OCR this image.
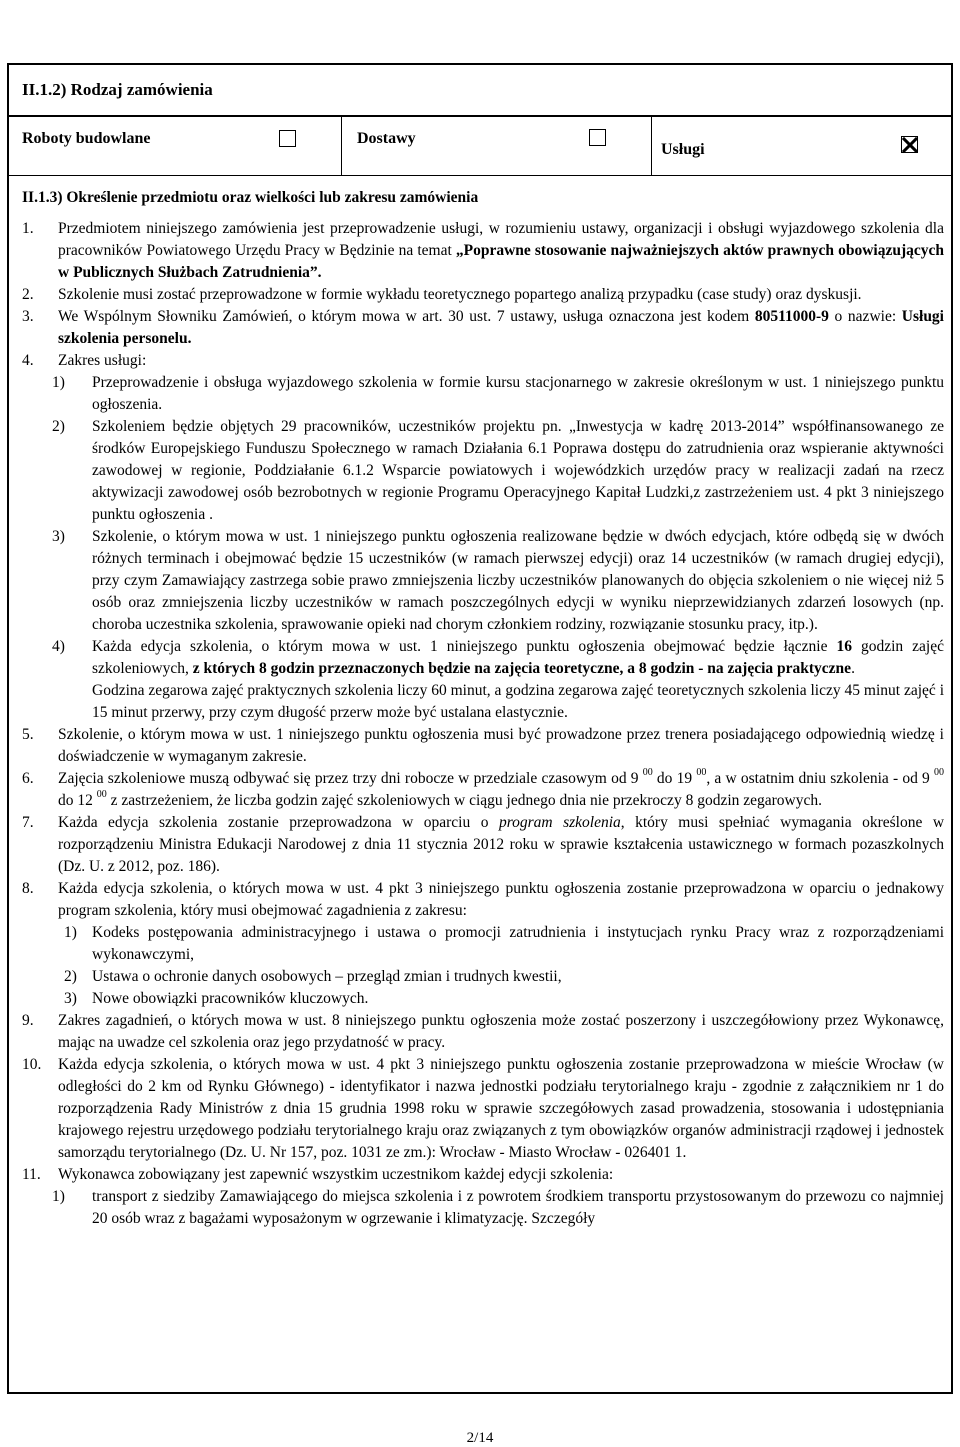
II.1.2) Rodzaj zamówienia
Roboty budowlane	Dostawy
Usługi
II.1.3) Określenie przedmiotu oraz wielkości lub zakresu zamówienia
1. Przedmiotem niniejszego zamówienia jest przeprowadzenie usługi, w rozumieniu ustawy, organizacji i obsługi wyjazdowego szkolenia dla pracowników Powiatowego Urzędu Pracy w Będzinie na temat „Poprawne stosowanie najważniejszych aktów prawnych obowiązujących w Publicznych Służbach Zatrudnienia”.
2. Szkolenie musi zostać przeprowadzone w formie wykładu teoretycznego popartego analizą przypadku (case study) oraz dyskusji.
3. We Wspólnym Słowniku Zamówień, o którym mowa w art. 30 ust. 7 ustawy, usługa oznaczona jest kodem 80511000-9 o nazwie: Usługi szkolenia personelu.
4. Zakres usługi:
1) Przeprowadzenie i obsługa wyjazdowego szkolenia w formie kursu stacjonarnego w zakresie określonym w ust. 1 niniejszego punktu ogłoszenia.
2) Szkoleniem będzie objętych 29 pracowników, uczestników projektu pn. „Inwestycja w kadrę 2013-2014” współfinansowanego ze środków Europejskiego Funduszu Społecznego w ramach Działania 6.1 Poprawa dostępu do zatrudnienia oraz wspieranie aktywności zawodowej w regionie, Poddziałanie 6.1.2 Wsparcie powiatowych i wojewódzkich urzędów pracy w realizacji zadań na rzecz aktywizacji zawodowej osób bezrobotnych w regionie Programu Operacyjnego Kapitał Ludzki,z zastrzeżeniem ust. 4 pkt 3 niniejszego punktu ogłoszenia .
3) Szkolenie, o którym mowa w ust. 1 niniejszego punktu ogłoszenia realizowane będzie w dwóch edycjach, które odbędą się w dwóch różnych terminach i obejmować będzie 15 uczestników (w ramach pierwszej edycji) oraz 14 uczestników (w ramach drugiej edycji), przy czym Zamawiający zastrzega sobie prawo zmniejszenia liczby uczestników planowanych do objęcia szkoleniem o nie więcej niż 5 osób oraz zmniejszenia liczby uczestników w ramach poszczególnych edycji w wyniku nieprzewidzianych zdarzeń losowych (np. choroba uczestnika szkolenia, sprawowanie opieki nad chorym członkiem rodziny, rozwiązanie stosunku pracy, itp.).
4) Każda edycja szkolenia, o którym mowa w ust. 1 niniejszego punktu ogłoszenia obejmować będzie łącznie 16 godzin zajęć szkoleniowych, z których 8 godzin przeznaczonych będzie na zajęcia teoretyczne, a 8 godzin - na zajęcia praktyczne.
Godzina zegarowa zajęć praktycznych szkolenia liczy 60 minut, a godzina zegarowa zajęć teoretycznych szkolenia liczy 45 minut zajęć i 15 minut przerwy, przy czym długość przerw może być ustalana elastycznie.
5. Szkolenie, o którym mowa w ust. 1 niniejszego punktu ogłoszenia musi być prowadzone przez trenera posiadającego odpowiednią wiedzę i doświadczenie w wymaganym zakresie.
6. Zajęcia szkoleniowe muszą odbywać się przez trzy dni robocze w przedziale czasowym od 9 $^{00}$ do 19 $^{00}$, a w ostatnim dniu szkolenia - od 9 $^{00}$ do 12 $^{00}$ z zastrzeżeniem, że liczba godzin zajęć szkoleniowych w ciągu jednego dnia nie przekroczy 8 godzin zegarowych.
7. Każda edycja szkolenia zostanie przeprowadzona w oparciu o program szkolenia, który musi spełniać wymagania określone w rozporządzeniu Ministra Edukacji Narodowej z dnia 11 stycznia 2012 roku w sprawie kształcenia ustawicznego w formach pozaszkolnych (Dz. U. z 2012, poz. 186).
8. Każda edycja szkolenia, o których mowa w ust. 4 pkt 3 niniejszego punktu ogłoszenia zostanie przeprowadzona w oparciu o jednakowy program szkolenia, który musi obejmować zagadnienia z zakresu:
1) Kodeks postępowania administracyjnego i ustawa o promocji zatrudnienia i instytucjach rynku Pracy wraz z rozporządzeniami wykonawczymi,
2) Ustawa o ochronie danych osobowych – przegląd zmian i trudnych kwestii,
3) Nowe obowiązki pracowników kluczowych.
9. Zakres zagadnień, o których mowa w ust. 8 niniejszego punktu ogłoszenia może zostać poszerzony i uszczegółowiony przez Wykonawcę, mając na uwadze cel szkolenia oraz jego przydatność w pracy.
10. Każda edycja szkolenia, o których mowa w ust. 4 pkt 3 niniejszego punktu ogłoszenia zostanie przeprowadzona w mieście Wrocław (w odległości do 2 km od Rynku Głównego) - identyfikator i nazwa jednostki podziału terytorialnego kraju - zgodnie z załącznikiem nr 1 do rozporządzenia Rady Ministrów z dnia 15 grudnia 1998 roku w sprawie szczegółowych zasad prowadzenia, stosowania i udostępniania krajowego rejestru urzędowego podziału terytorialnego kraju oraz związanych z tym obowiązków organów administracji rządowej i jednostek samorządu terytorialnego (Dz. U. Nr 157, poz. 1031 ze zm.): Wrocław - Miasto Wrocław - 026401 1.
11. Wykonawca zobowiązany jest zapewnić wszystkim uczestnikom każdej edycji szkolenia:
1) transport z siedziby Zamawiającego do miejsca szkolenia i z powrotem środkiem transportu przystosowanym do przewozu co najmniej 20 osób wraz z bagażami wyposażonym w ogrzewanie i klimatyzację. Szczegóły
2/14
